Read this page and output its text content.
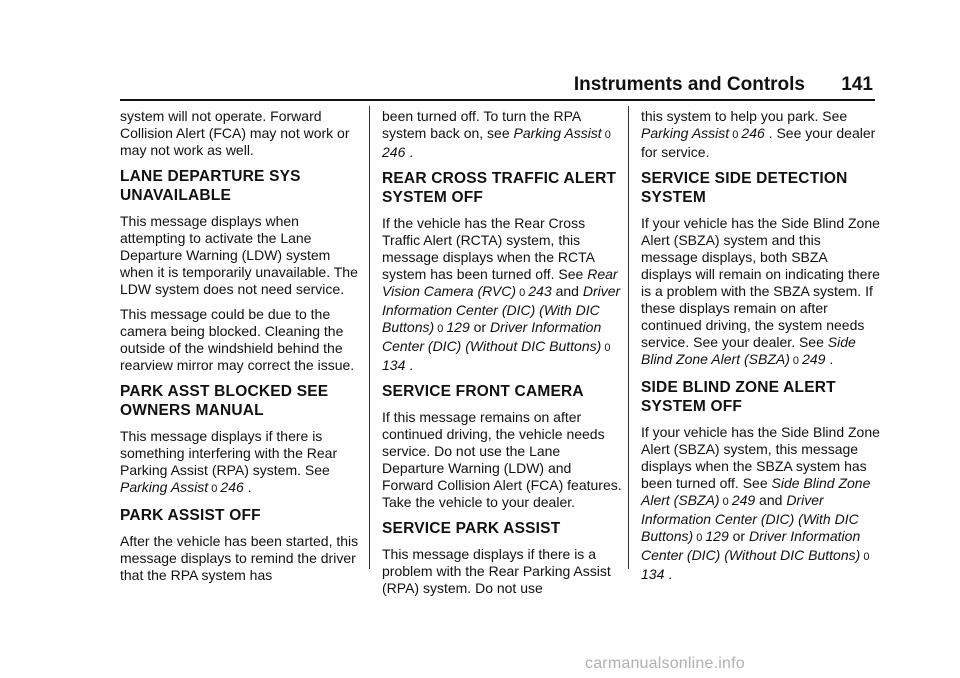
Instruments and Controls 141

system will not operate. Forward Collision Alert (FCA) may not work or may not work as well.

LANE DEPARTURE SYS UNAVAILABLE

This message displays when attempting to activate the Lane Departure Warning (LDW) system when it is temporarily unavailable. The LDW system does not need service.

This message could be due to the camera being blocked. Cleaning the outside of the windshield behind the rearview mirror may correct the issue.

PARK ASST BLOCKED SEE OWNERS MANUAL

This message displays if there is something interfering with the Rear Parking Assist (RPA) system. See Parking Assist 0 246 .

PARK ASSIST OFF

After the vehicle has been started, this message displays to remind the driver that the RPA system has

been turned off. To turn the RPA system back on, see Parking Assist 0 246 .

REAR CROSS TRAFFIC ALERT SYSTEM OFF

If the vehicle has the Rear Cross Traffic Alert (RCTA) system, this message displays when the RCTA system has been turned off. See Rear Vision Camera (RVC) 0 243 and Driver Information Center (DIC) (With DIC Buttons) 0 129 or Driver Information Center (DIC) (Without DIC Buttons) 0 134 .

SERVICE FRONT CAMERA

If this message remains on after continued driving, the vehicle needs service. Do not use the Lane Departure Warning (LDW) and Forward Collision Alert (FCA) features. Take the vehicle to your dealer.

SERVICE PARK ASSIST

This message displays if there is a problem with the Rear Parking Assist (RPA) system. Do not use

this system to help you park. See Parking Assist 0 246 . See your dealer for service.

SERVICE SIDE DETECTION SYSTEM

If your vehicle has the Side Blind Zone Alert (SBZA) system and this message displays, both SBZA displays will remain on indicating there is a problem with the SBZA system. If these displays remain on after continued driving, the system needs service. See your dealer. See Side Blind Zone Alert (SBZA) 0 249 .

SIDE BLIND ZONE ALERT SYSTEM OFF

If your vehicle has the Side Blind Zone Alert (SBZA) system, this message displays when the SBZA system has been turned off. See Side Blind Zone Alert (SBZA) 0 249 and Driver Information Center (DIC) (With DIC Buttons) 0 129 or Driver Information Center (DIC) (Without DIC Buttons) 0 134 .

carmanualsonline.info
